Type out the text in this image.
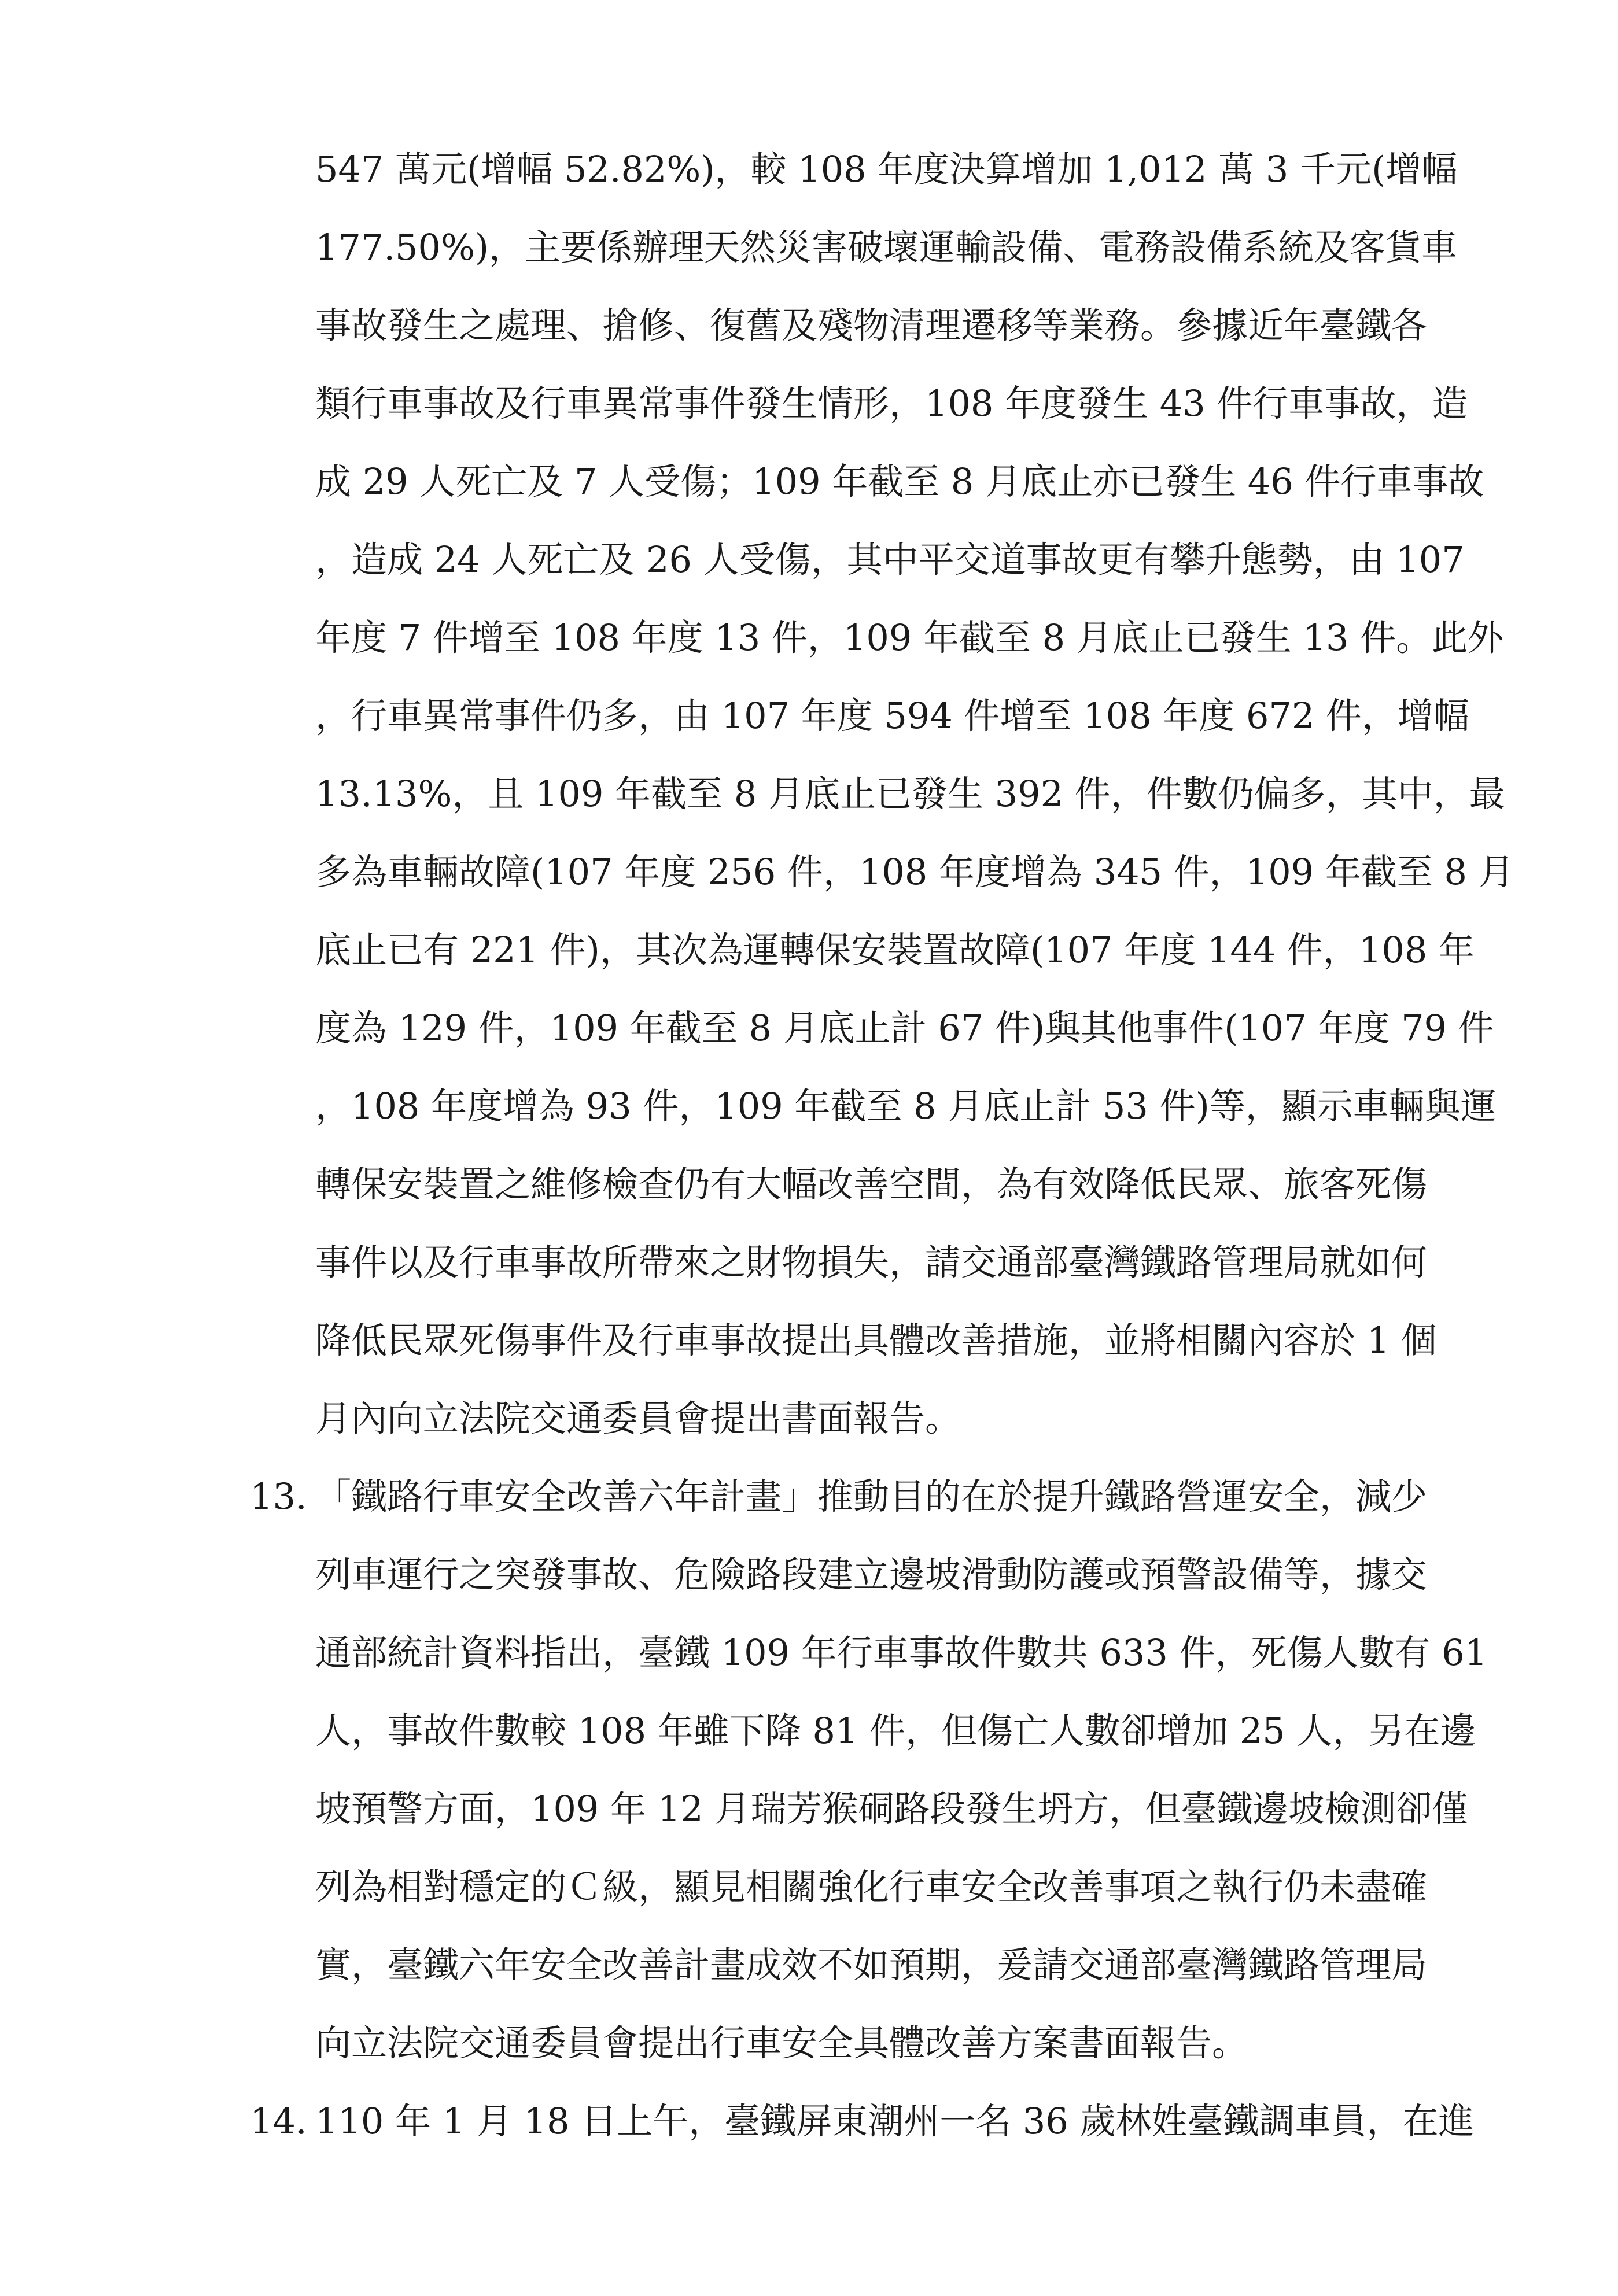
547 萬元(增幅 52.82%)，較 108 年度決算增加 1,012 萬 3 千元(增幅
177.50%)，主要係辦理天然災害破壞運輸設備、電務設備系統及客貨車
事故發生之處理、搶修、復舊及殘物清理遷移等業務。參據近年臺鐵各
類行車事故及行車異常事件發生情形，108 年度發生 43 件行車事故，造
成 29 人死亡及 7 人受傷；109 年截至 8 月底止亦已發生 46 件行車事故
，造成 24 人死亡及 26 人受傷，其中平交道事故更有攀升態勢，由 107
年度 7 件增至 108 年度 13 件，109 年截至 8 月底止已發生 13 件。此外
，行車異常事件仍多，由 107 年度 594 件增至 108 年度 672 件，增幅
13.13%，且 109 年截至 8 月底止已發生 392 件，件數仍偏多，其中，最
多為車輛故障(107 年度 256 件，108 年度增為 345 件，109 年截至 8 月
底止已有 221 件)，其次為運轉保安裝置故障(107 年度 144 件，108 年
度為 129 件，109 年截至 8 月底止計 67 件)與其他事件(107 年度 79 件
，108 年度增為 93 件，109 年截至 8 月底止計 53 件)等，顯示車輛與運
轉保安裝置之維修檢查仍有大幅改善空間，為有效降低民眾、旅客死傷
事件以及行車事故所帶來之財物損失，請交通部臺灣鐵路管理局就如何
降低民眾死傷事件及行車事故提出具體改善措施，並將相關內容於 1 個
月內向立法院交通委員會提出書面報告。
13. 「鐵路行車安全改善六年計畫」推動目的在於提升鐵路營運安全，減少
列車運行之突發事故、危險路段建立邊坡滑動防護或預警設備等，據交
通部統計資料指出，臺鐵 109 年行車事故件數共 633 件，死傷人數有 61
人，事故件數較 108 年雖下降 81 件，但傷亡人數卻增加 25 人，另在邊
坡預警方面，109 年 12 月瑞芳猴硐路段發生坍方，但臺鐵邊坡檢測卻僅
列為相對穩定的Ｃ級，顯見相關強化行車安全改善事項之執行仍未盡確
實，臺鐵六年安全改善計畫成效不如預期，爰請交通部臺灣鐵路管理局
向立法院交通委員會提出行車安全具體改善方案書面報告。
14. 110 年 1 月 18 日上午，臺鐵屏東潮州一名 36 歲林姓臺鐵調車員，在進
